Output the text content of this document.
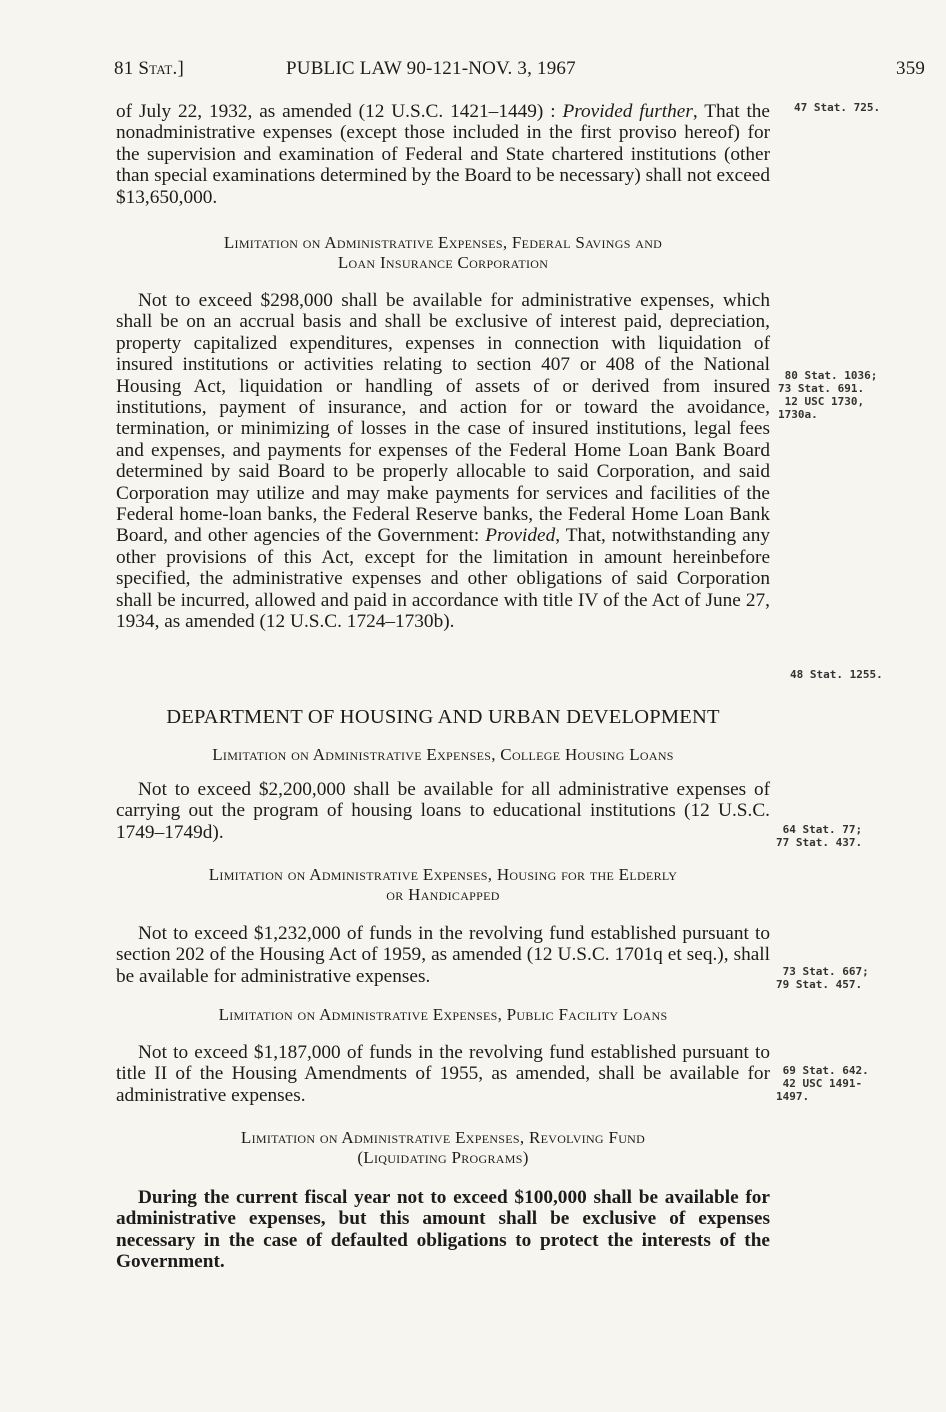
81 Stat.]	PUBLIC LAW 90-121-NOV. 3, 1967	359

of July 22, 1932, as amended (12 U.S.C. 1421–1449) : Provided further, That the nonadministrative expenses (except those included in the first proviso hereof) for the supervision and examination of Federal and State chartered institutions (other than special examinations determined by the Board to be necessary) shall not exceed $13,650,000.

Limitation on Administrative Expenses, Federal Savings and

Loan Insurance Corporation

Not to exceed $298,000 shall be available for administrative expenses, which shall be on an accrual basis and shall be exclusive of interest paid, depreciation, property capitalized expenditures, expenses in connection with liquidation of insured institutions or activities relating to section 407 or 408 of the National Housing Act, liquidation or handling of assets of or derived from insured institutions, payment of insurance, and action for or toward the avoidance, termination, or minimizing of losses in the case of insured institutions, legal fees and expenses, and payments for expenses of the Federal Home Loan Bank Board determined by said Board to be properly allocable to said Corporation, and said Corporation may utilize and may make payments for services and facilities of the Federal home-loan banks, the Federal Reserve banks, the Federal Home Loan Bank Board, and other agencies of the Government: Provided, That, notwithstanding any other provisions of this Act, except for the limitation in amount hereinbefore specified, the administrative expenses and other obligations of said Corporation shall be incurred, allowed and paid in accordance with title IV of the Act of June 27, 1934, as amended (12 U.S.C. 1724–1730b).

DEPARTMENT OF HOUSING AND URBAN DEVELOPMENT

Limitation on Administrative Expenses, College Housing Loans

Not to exceed $2,200,000 shall be available for all administrative expenses of carrying out the program of housing loans to educational institutions (12 U.S.C. 1749–1749d).

Limitation on Administrative Expenses, Housing for the Elderly

or Handicapped

Not to exceed $1,232,000 of funds in the revolving fund established pursuant to section 202 of the Housing Act of 1959, as amended (12 U.S.C. 1701q et seq.), shall be available for administrative expenses.

Limitation on Administrative Expenses, Public Facility Loans

Not to exceed $1,187,000 of funds in the revolving fund established pursuant to title II of the Housing Amendments of 1955, as amended, shall be available for administrative expenses.

Limitation on Administrative Expenses, Revolving Fund

(Liquidating Programs)

During the current fiscal year not to exceed $100,000 shall be available for administrative expenses, but this amount shall be exclusive of expenses necessary in the case of defaulted obligations to protect the interests of the Government.

47 Stat. 725.
80 Stat. 1036;
73 Stat. 691.
12 USC 1730,
1730a.
48 Stat. 1255.
64 Stat. 77;
77 Stat. 437.
73 Stat. 667;
79 Stat. 457.
69 Stat. 642.
42 USC 1491-
1497.
